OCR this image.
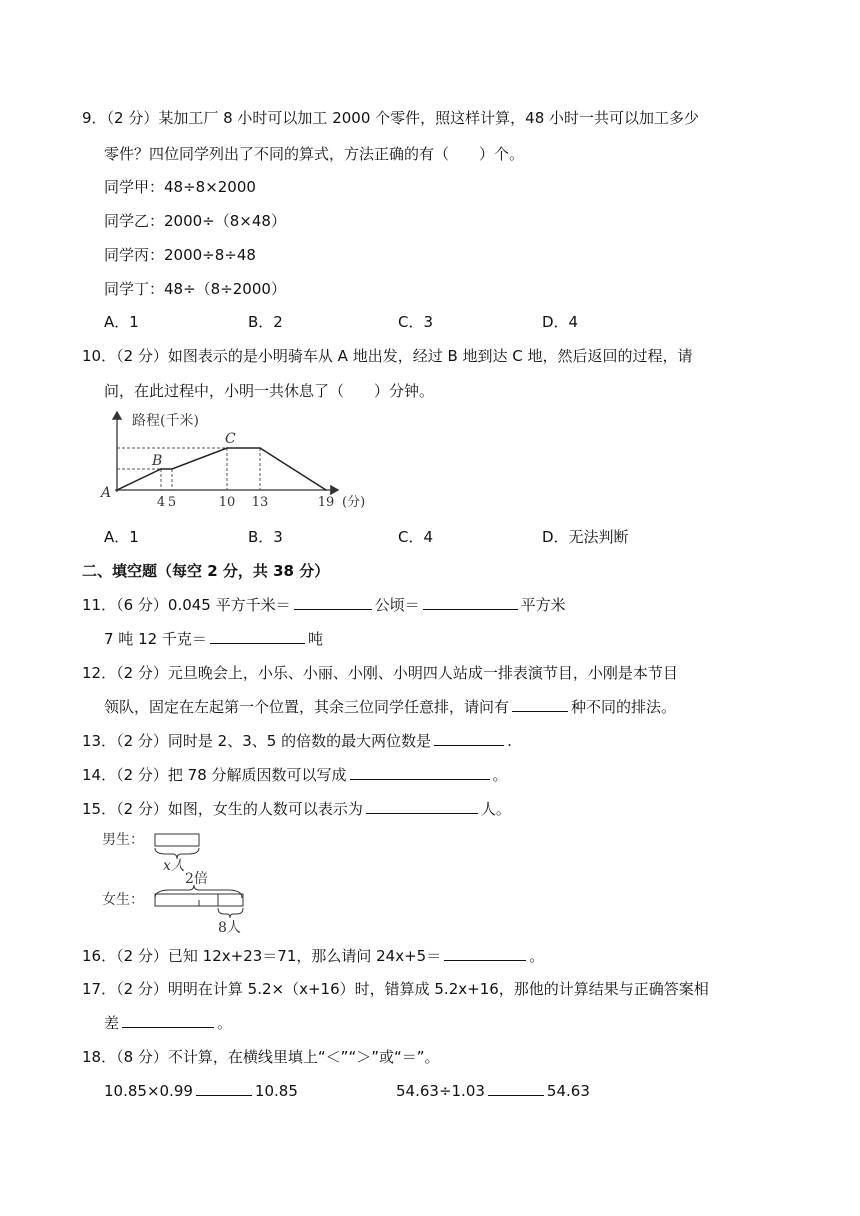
9．（2 分）某加工厂 8 小时可以加工 2000 个零件，照这样计算，48 小时一共可以加工多少
零件？四位同学列出了不同的算式，方法正确的有（　　）个。
同学甲：48÷8×2000
同学乙：2000÷（8×48）
同学丙：2000÷8÷48
同学丁：48÷（8÷2000）
A．1	B．2	C．3	D．4
10．（2 分）如图表示的是小明骑车从 A 地出发，经过 B 地到达 C 地，然后返回的过程，请
问，在此过程中，小明一共休息了（　　）分钟。
4 5	10 13	19
路程(千米)
(分)
A
B
C
A．1	B．3	C．4	D．无法判断
二、填空题（每空 2 分，共 38 分）
11．（6 分）0.045 平方千米＝	公顷＝	平方米
7 吨 12 千克＝	吨
12．（2 分）元旦晚会上，小乐、小丽、小刚、小明四人站成一排表演节目，小刚是本节目
领队，固定在左起第一个位置，其余三位同学任意排，请问有	种不同的排法。
13．（2 分）同时是 2、3、5 的倍数的最大两位数是	.
14．（2 分）把 78 分解质因数可以写成	。
15．（2 分）如图，女生的人数可以表示为	人。
男生：
x人
2倍
女生：
8人
16．（2 分）已知 12x+23＝71，那么请问 24x+5＝	。
17．（2 分）明明在计算 5.2×（x+16）时，错算成 5.2x+16，那他的计算结果与正确答案相
差	。
18．（8 分）不计算，在横线里填上“＜”“＞”或“＝”。
10.85×0.99	10.85	54.63÷1.03	54.63
